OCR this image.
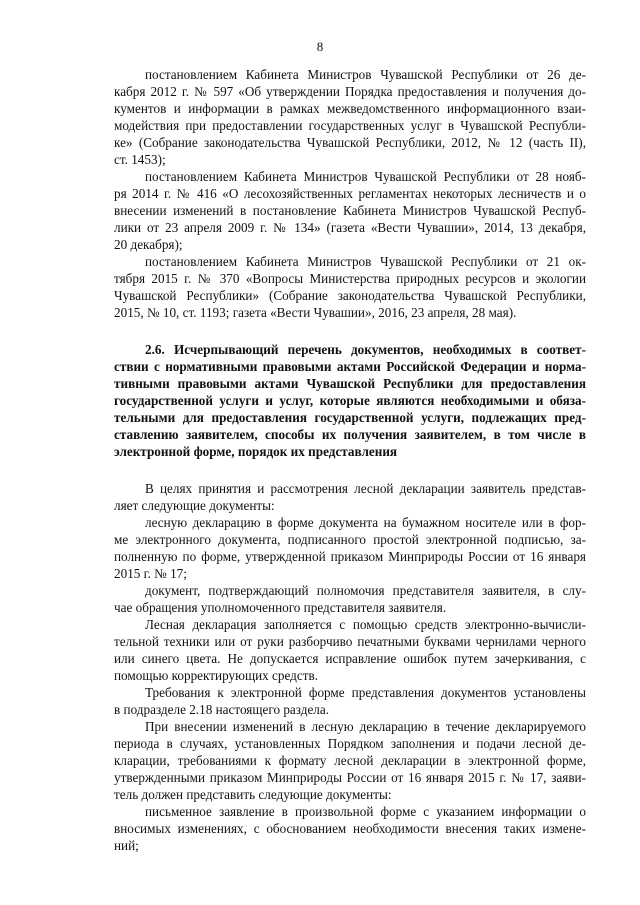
8
постановлением Кабинета Министров Чувашской Республики от 26 де-
кабря 2012 г. № 597 «Об утверждении Порядка предоставления и получения до-
кументов и информации в рамках межведомственного информационного взаи-
модействия при предоставлении государственных услуг в Чувашской Республи-
ке» (Собрание законодательства Чувашской Республики, 2012, № 12 (часть II),
ст. 1453);
постановлением Кабинета Министров Чувашской Республики от 28 нояб-
ря 2014 г. № 416 «О лесохозяйственных регламентах некоторых лесничеств и о
внесении изменений в постановление Кабинета Министров Чувашской Респуб-
лики от 23 апреля 2009 г. № 134» (газета «Вести Чувашии», 2014, 13 декабря,
20 декабря);
постановлением Кабинета Министров Чувашской Республики от 21 ок-
тября 2015 г. № 370 «Вопросы Министерства природных ресурсов и экологии
Чувашской Республики» (Собрание законодательства Чувашской Республики,
2015, № 10, ст. 1193; газета «Вести Чувашии», 2016, 23 апреля, 28 мая).
2.6. Исчерпывающий перечень документов, необходимых в соответ-
ствии с нормативными правовыми актами Российской Федерации и норма-
тивными правовыми актами Чувашской Республики для предоставления
государственной услуги и услуг, которые являются необходимыми и обяза-
тельными для предоставления государственной услуги, подлежащих пред-
ставлению заявителем, способы их получения заявителем, в том числе в
электронной форме, порядок их представления
В целях принятия и рассмотрения лесной декларации заявитель представ-
ляет следующие документы:
лесную декларацию в форме документа на бумажном носителе или в фор-
ме электронного документа, подписанного простой электронной подписью, за-
полненную по форме, утвержденной приказом Минприроды России от 16 января
2015 г. № 17;
документ, подтверждающий полномочия представителя заявителя, в слу-
чае обращения уполномоченного представителя заявителя.
Лесная декларация заполняется с помощью средств электронно-вычисли-
тельной техники или от руки разборчиво печатными буквами чернилами черного
или синего цвета. Не допускается исправление ошибок путем зачеркивания, с
помощью корректирующих средств.
Требования к электронной форме представления документов установлены
в подразделе 2.18 настоящего раздела.
При внесении изменений в лесную декларацию в течение декларируемого
периода в случаях, установленных Порядком заполнения и подачи лесной де-
кларации, требованиями к формату лесной декларации в электронной форме,
утвержденными приказом Минприроды России от 16 января 2015 г. № 17, заяви-
тель должен представить следующие документы:
письменное заявление в произвольной форме с указанием информации о
вносимых изменениях, с обоснованием необходимости внесения таких измене-
ний;
